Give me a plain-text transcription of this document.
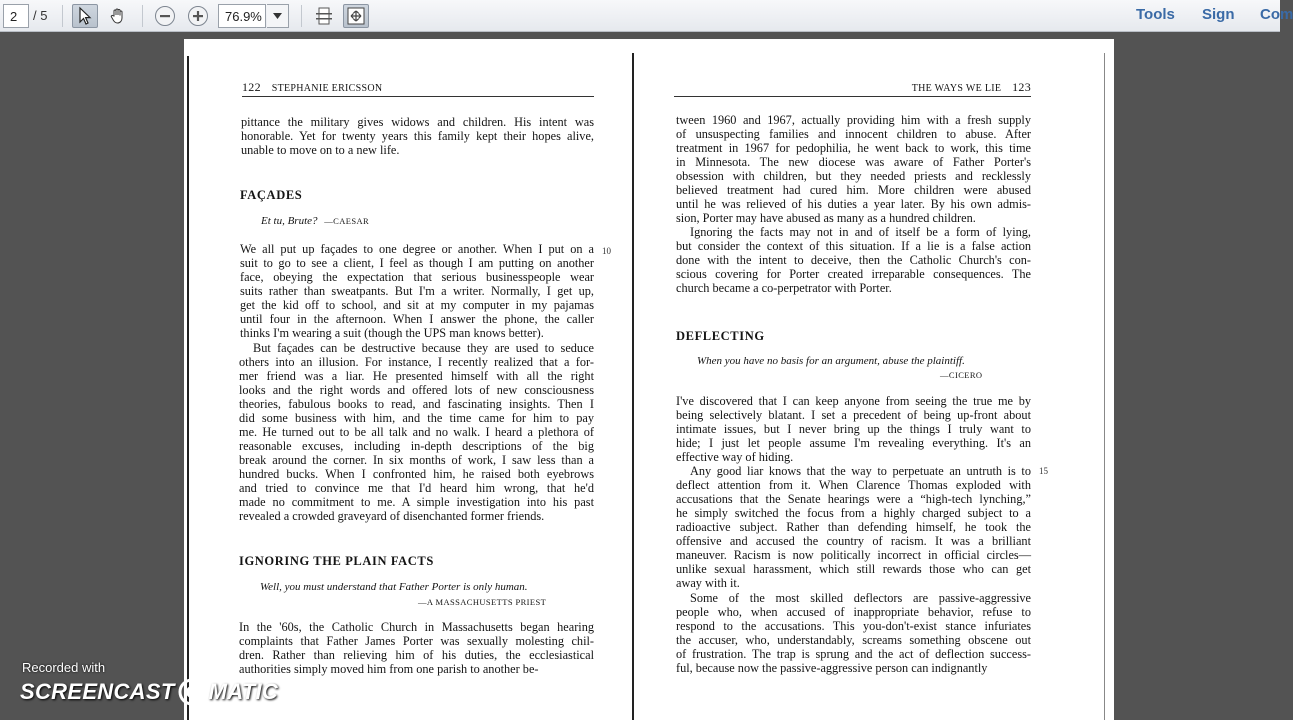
2
/ 5
76.9%	Tools Sign Com
122 STEPHANIE ERICSSON
pittance the military gives widows and children. His intent was
honorable. Yet for twenty years this family kept their hopes alive,
unable to move on to a new life.
FAÇADES
Et tu, Brute? —CAESAR
10
We all put up façades to one degree or another. When I put on a
suit to go to see a client, I feel as though I am putting on another
face, obeying the expectation that serious businesspeople wear
suits rather than sweatpants. But I'm a writer. Normally, I get up,
get the kid off to school, and sit at my computer in my pajamas
until four in the afternoon. When I answer the phone, the caller
thinks I'm wearing a suit (though the UPS man knows better).
But façades can be destructive because they are used to seduce
others into an illusion. For instance, I recently realized that a for-
mer friend was a liar. He presented himself with all the right
looks and the right words and offered lots of new consciousness
theories, fabulous books to read, and fascinating insights. Then I
did some business with him, and the time came for him to pay
me. He turned out to be all talk and no walk. I heard a plethora of
reasonable excuses, including in-depth descriptions of the big
break around the corner. In six months of work, I saw less than a
hundred bucks. When I confronted him, he raised both eyebrows
and tried to convince me that I'd heard him wrong, that he'd
made no commitment to me. A simple investigation into his past
revealed a crowded graveyard of disenchanted former friends.
IGNORING THE PLAIN FACTS
Well, you must understand that Father Porter is only human.
—A MASSACHUSETTS PRIEST
In the '60s, the Catholic Church in Massachusetts began hearing
complaints that Father James Porter was sexually molesting chil-
dren. Rather than relieving him of his duties, the ecclesiastical
authorities simply moved him from one parish to another be-
THE WAYS WE LIE 123
tween 1960 and 1967, actually providing him with a fresh supply
of unsuspecting families and innocent children to abuse. After
treatment in 1967 for pedophilia, he went back to work, this time
in Minnesota. The new diocese was aware of Father Porter's
obsession with children, but they needed priests and recklessly
believed treatment had cured him. More children were abused
until he was relieved of his duties a year later. By his own admis-
sion, Porter may have abused as many as a hundred children.
Ignoring the facts may not in and of itself be a form of lying,
but consider the context of this situation. If a lie is a false action
done with the intent to deceive, then the Catholic Church's con-
scious covering for Porter created irreparable consequences. The
church became a co-perpetrator with Porter.
DEFLECTING
When you have no basis for an argument, abuse the plaintiff.
—CICERO
15
I've discovered that I can keep anyone from seeing the true me by
being selectively blatant. I set a precedent of being up-front about
intimate issues, but I never bring up the things I truly want to
hide; I just let people assume I'm revealing everything. It's an
effective way of hiding.
Any good liar knows that the way to perpetuate an untruth is to
deflect attention from it. When Clarence Thomas exploded with
accusations that the Senate hearings were a “high-tech lynching,”
he simply switched the focus from a highly charged subject to a
radioactive subject. Rather than defending himself, he took the
offensive and accused the country of racism. It was a brilliant
maneuver. Racism is now politically incorrect in official circles—
unlike sexual harassment, which still rewards those who can get
away with it.
Some of the most skilled deflectors are passive-aggressive
people who, when accused of inappropriate behavior, refuse to
respond to the accusations. This you-don't-exist stance infuriates
the accuser, who, understandably, screams something obscene out
of frustration. The trap is sprung and the act of deflection success-
ful, because now the passive-aggressive person can indignantly
Recorded with
SCREENCAST MATIC
